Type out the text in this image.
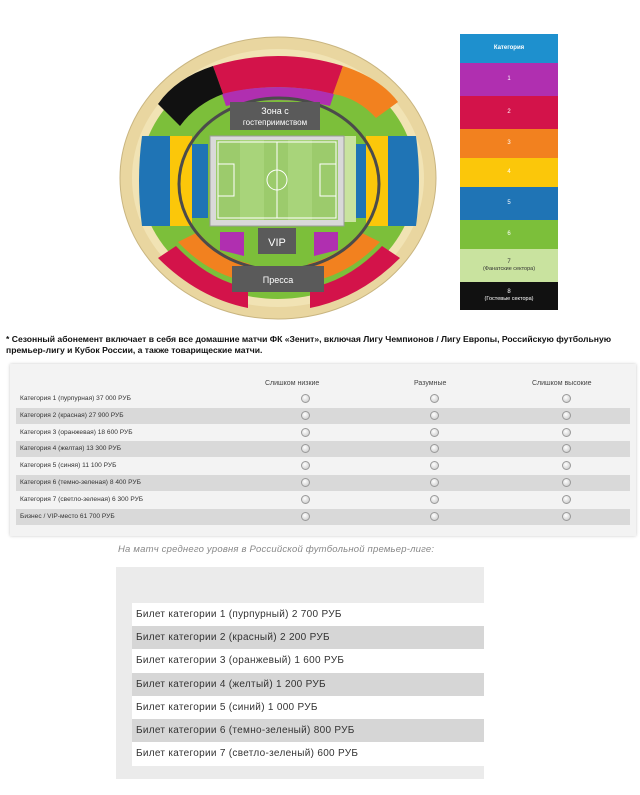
Зона с
гостеприимством
VIP
Пресса
Категория
1
2
3
4
5
6
7
(Фанатские сектора)
8
(Гостевые сектора)
* Сезонный абонемент включает в себя все домашние матчи ФК «Зенит», включая Лигу Чемпионов / Лигу Европы, Российскую футбольную премьер-лигу и Кубок России, а также товарищеские матчи.
Слишком низкие	Разумные	Слишком высокие
Категория 1 (пурпурная) 37 000 РУБ
Категория 2 (красная) 27 900 РУБ
Категория 3 (оранжевая) 18 600 РУБ
Категория 4 (желтая) 13 300 РУБ
Категория 5 (синяя) 11 100 РУБ
Категория 6 (темно-зеленая) 8 400 РУБ
Категория 7 (светло-зеленая) 6 300 РУБ
Бизнес / VIP-место 61 700 РУБ
На матч среднего уровня в Российской футбольной премьер-лиге:
Билет категории 1 (пурпурный) 2 700 РУБ
Билет категории 2 (красный) 2 200 РУБ
Билет категории 3 (оранжевый) 1 600 РУБ
Билет категории 4 (желтый) 1 200 РУБ
Билет категории 5 (синий) 1 000 РУБ
Билет категории 6 (темно-зеленый) 800 РУБ
Билет категории 7 (светло-зеленый) 600 РУБ
